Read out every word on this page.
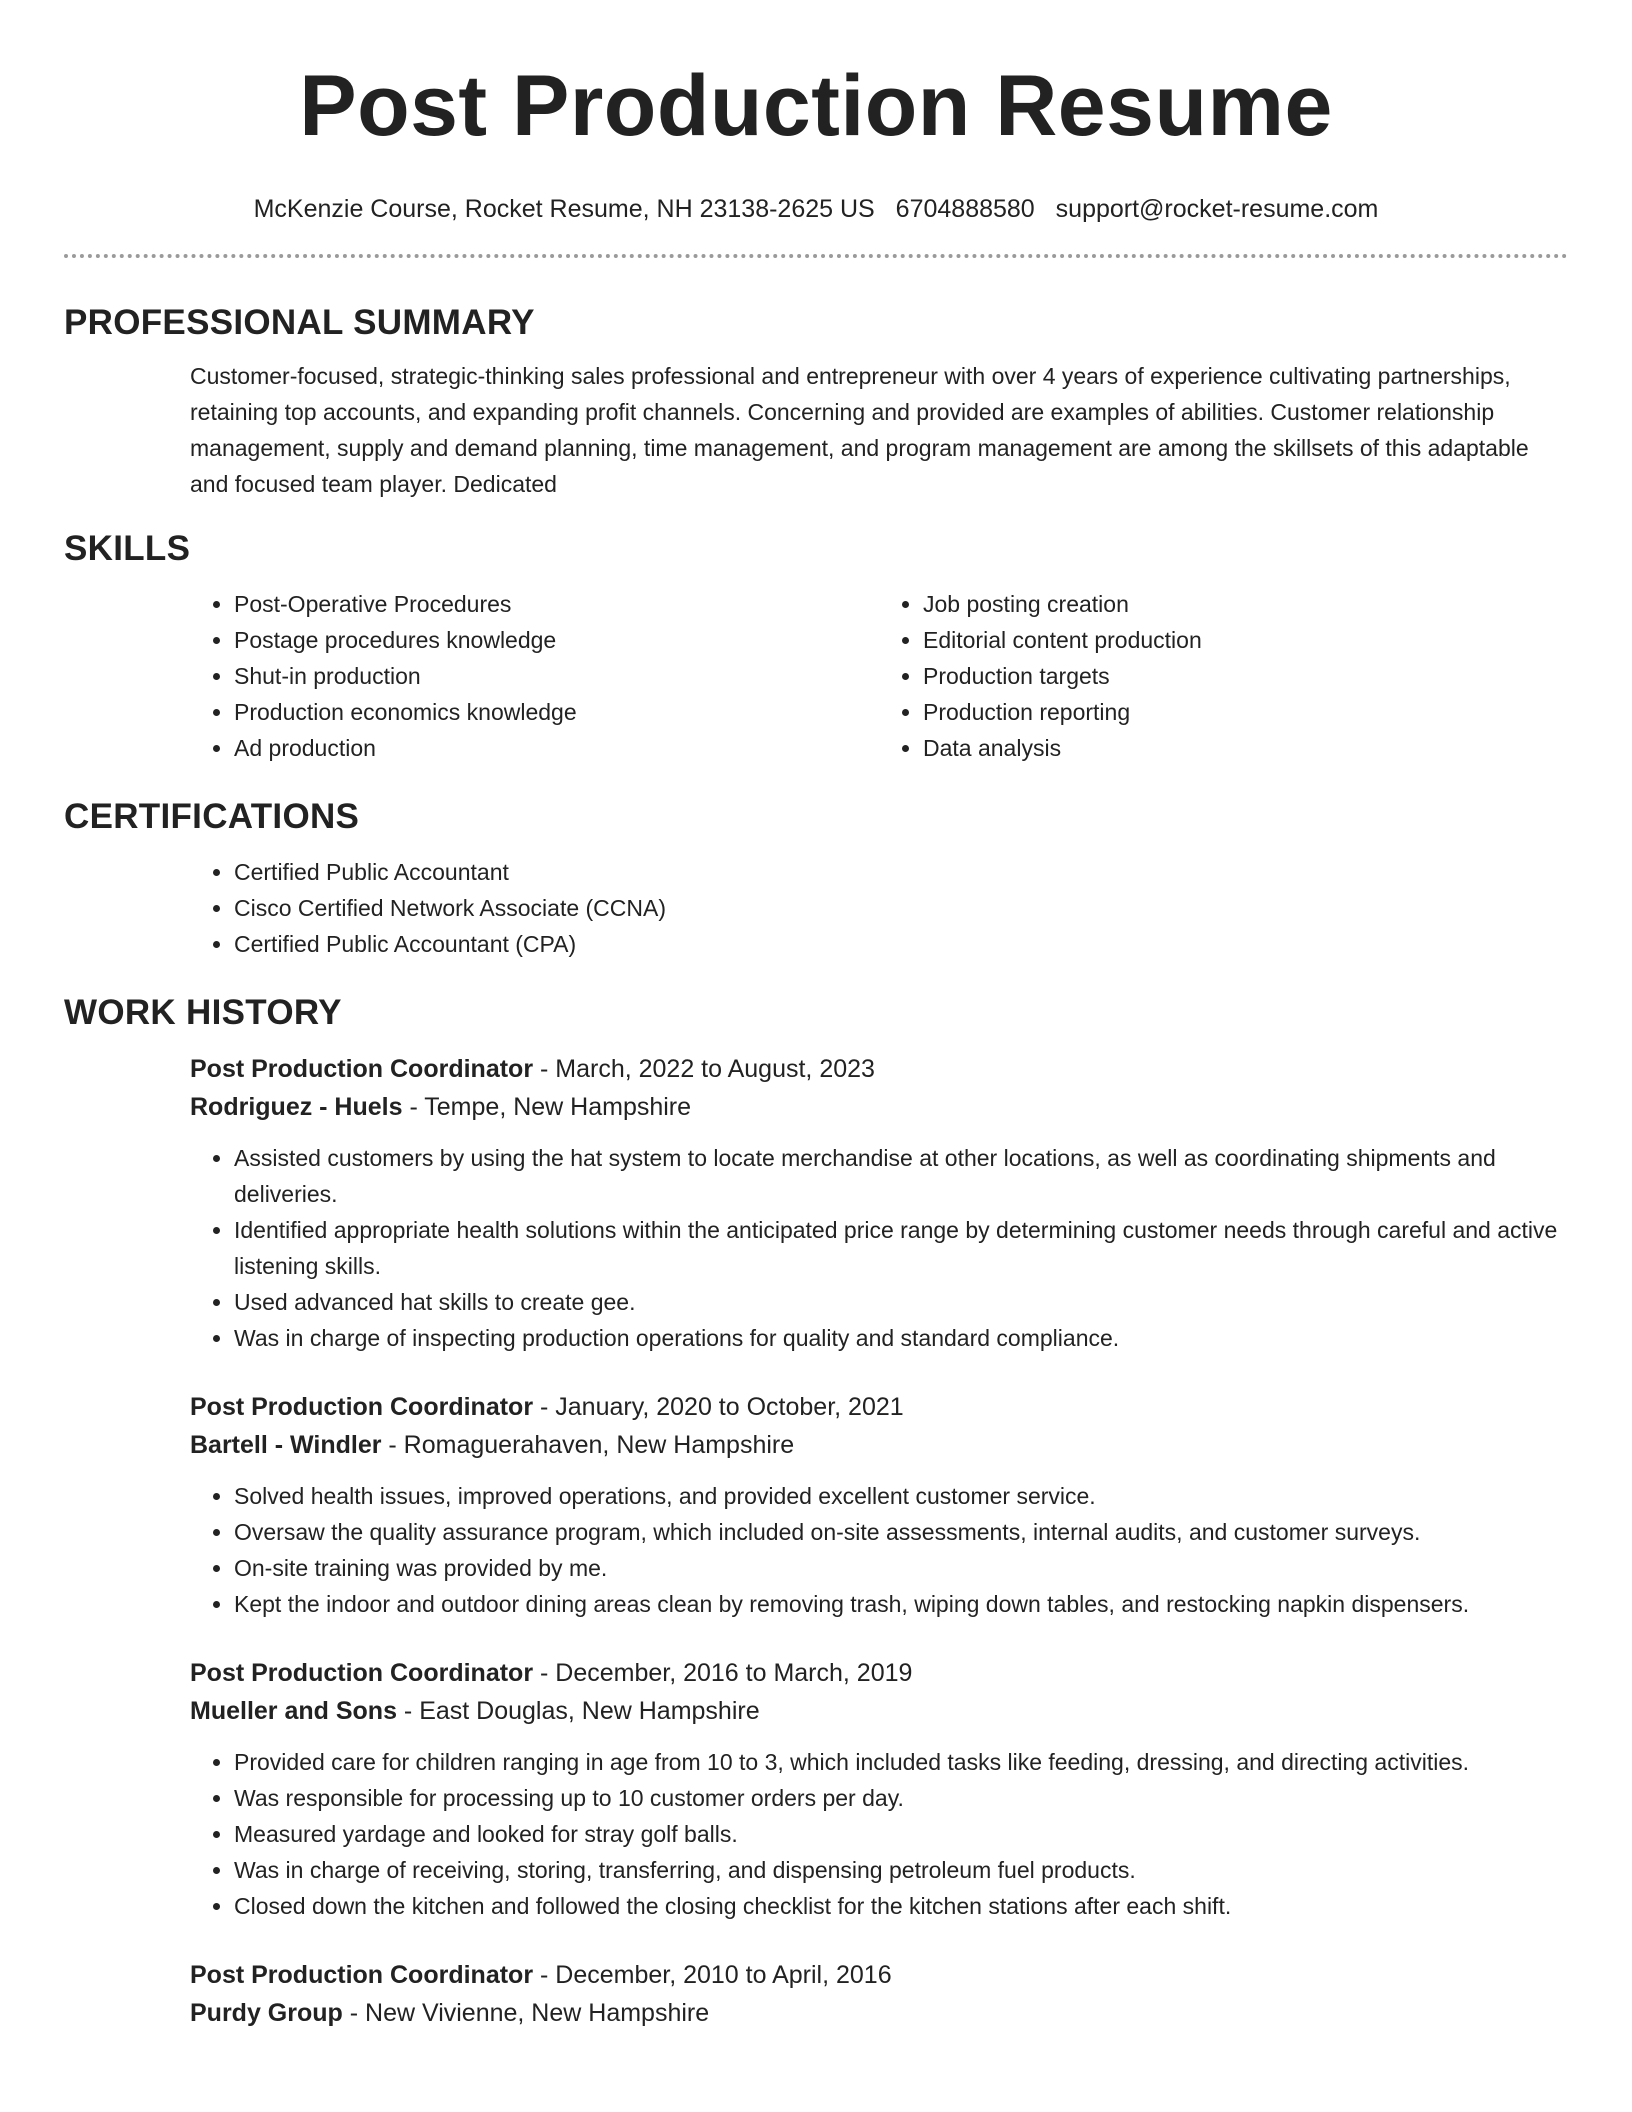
Post Production Resume
McKenzie Course, Rocket Resume, NH 23138-2625 US 6704888580 support@rocket-resume.com
PROFESSIONAL SUMMARY

Customer-focused, strategic-thinking sales professional and entrepreneur with over 4 years of experience cultivating partnerships, retaining top accounts, and expanding profit channels. Concerning and provided are examples of abilities. Customer relationship management, supply and demand planning, time management, and program management are among the skillsets of this adaptable and focused team player. Dedicated

SKILLS
• Post-Operative Procedures
• Postage procedures knowledge
• Shut-in production
• Production economics knowledge
• Ad production
• Job posting creation
• Editorial content production
• Production targets
• Production reporting
• Data analysis
CERTIFICATIONS
• Certified Public Accountant
• Cisco Certified Network Associate (CCNA)
• Certified Public Accountant (CPA)
WORK HISTORY
Post Production Coordinator - March, 2022 to August, 2023
Rodriguez - Huels - Tempe, New Hampshire
• Assisted customers by using the hat system to locate merchandise at other locations, as well as coordinating shipments and deliveries.
• Identified appropriate health solutions within the anticipated price range by determining customer needs through careful and active listening skills.
• Used advanced hat skills to create gee.
• Was in charge of inspecting production operations for quality and standard compliance.
Post Production Coordinator - January, 2020 to October, 2021
Bartell - Windler - Romaguerahaven, New Hampshire
• Solved health issues, improved operations, and provided excellent customer service.
• Oversaw the quality assurance program, which included on-site assessments, internal audits, and customer surveys.
• On-site training was provided by me.
• Kept the indoor and outdoor dining areas clean by removing trash, wiping down tables, and restocking napkin dispensers.
Post Production Coordinator - December, 2016 to March, 2019
Mueller and Sons - East Douglas, New Hampshire
• Provided care for children ranging in age from 10 to 3, which included tasks like feeding, dressing, and directing activities.
• Was responsible for processing up to 10 customer orders per day.
• Measured yardage and looked for stray golf balls.
• Was in charge of receiving, storing, transferring, and dispensing petroleum fuel products.
• Closed down the kitchen and followed the closing checklist for the kitchen stations after each shift.
Post Production Coordinator - December, 2010 to April, 2016
Purdy Group - New Vivienne, New Hampshire
